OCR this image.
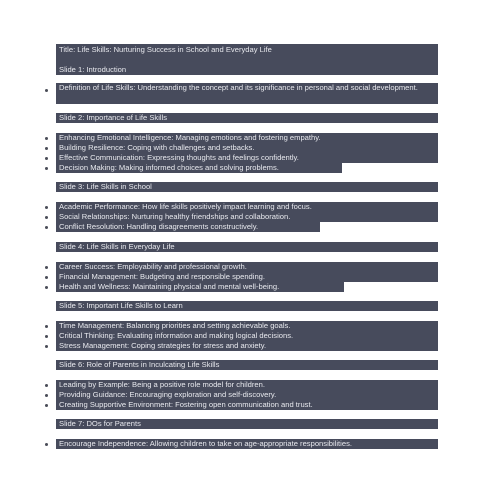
Title: Life Skills: Nurturing Success in School and Everyday Life
Slide 1: Introduction
Definition of Life Skills: Understanding the concept and its significance in personal and social development.
Slide 2: Importance of Life Skills
Enhancing Emotional Intelligence: Managing emotions and fostering empathy.
Building Resilience: Coping with challenges and setbacks.
Effective Communication: Expressing thoughts and feelings confidently.
Decision Making: Making informed choices and solving problems.
Slide 3: Life Skills in School
Academic Performance: How life skills positively impact learning and focus.
Social Relationships: Nurturing healthy friendships and collaboration.
Conflict Resolution: Handling disagreements constructively.
Slide 4: Life Skills in Everyday Life
Career Success: Employability and professional growth.
Financial Management: Budgeting and responsible spending.
Health and Wellness: Maintaining physical and mental well-being.
Slide 5: Important Life Skills to Learn
Time Management: Balancing priorities and setting achievable goals.
Critical Thinking: Evaluating information and making logical decisions.
Stress Management: Coping strategies for stress and anxiety.
Slide 6: Role of Parents in Inculcating Life Skills
Leading by Example: Being a positive role model for children.
Providing Guidance: Encouraging exploration and self-discovery.
Creating Supportive Environment: Fostering open communication and trust.
Slide 7: DOs for Parents
Encourage Independence: Allowing children to take on age-appropriate responsibilities.
